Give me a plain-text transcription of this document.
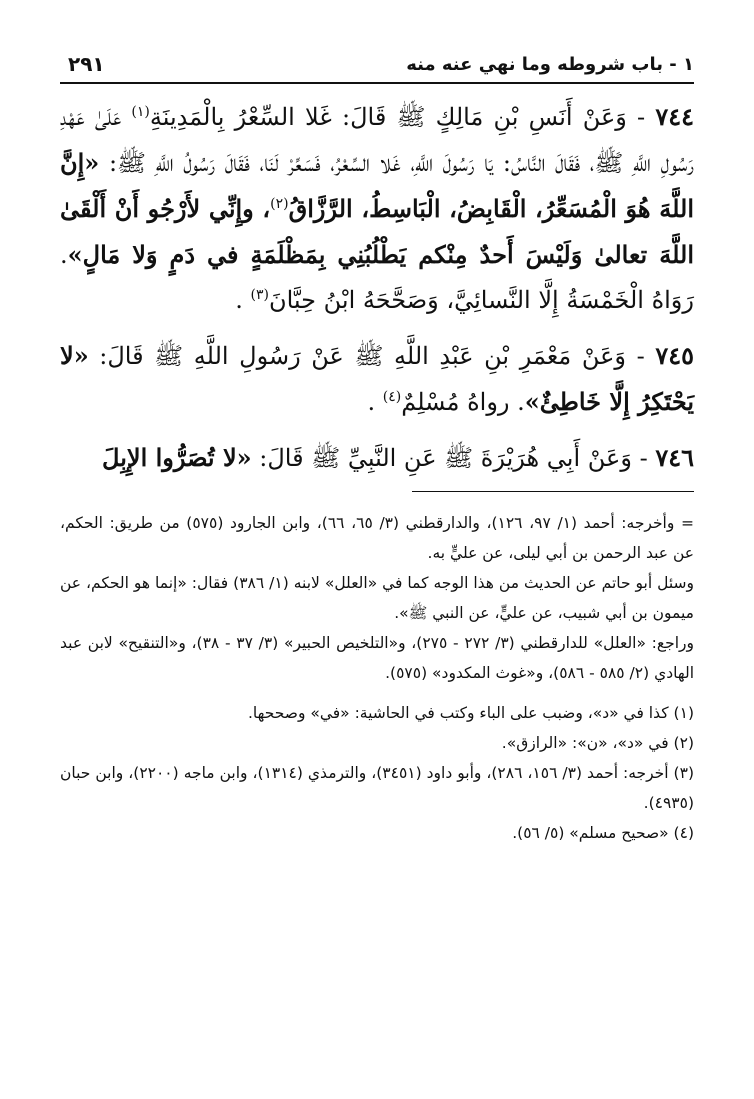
١ - باب شروطه وما نهي عنه منه
٢٩١

٧٤٤ - وَعَنْ أَنَسِ بْنِ مَالِكٍ ﷺ قَالَ: غَلا السِّعْرُ بِالْمَدِينَةِ$^{(١)}$ عَلَىٰ عَهْدِ رَسُولِ اللَّهِ ﷺ، فَقَالَ النَّاسُ: يَا رَسُولَ اللَّهِ، غَلا السِّعْرُ، فَسَعِّرْ لَنَا، فَقَالَ رَسُولُ اللَّهِ ﷺ: «إِنَّ اللَّهَ هُوَ الْمُسَعِّرُ، الْقَابِضُ، الْبَاسِطُ، الرَّزَّاقُ$^{(٢)}$، وإِنِّي لأَرْجُو أَنْ أَلْقَىٰ اللَّهَ تعالىٰ وَلَيْسَ أَحدٌ مِنْكم يَطْلُبُنِي بِمَظْلَمَةٍ في دَمٍ وَلا مَالٍ». رَوَاهُ الْخَمْسَةُ إِلَّا النَّسائِيَّ، وَصَحَّحَهُ ابْنُ حِبَّانَ$^{(٣)}$ .

٧٤٥ - وَعَنْ مَعْمَرِ بْنِ عَبْدِ اللَّهِ ﷺ عَنْ رَسُولِ اللَّهِ ﷺ قَالَ: «لا يَحْتَكِرُ إِلَّا خَاطِئٌ». رواهُ مُسْلِمٌ$^{(٤)}$ .

٧٤٦ - وَعَنْ أَبِي هُرَيْرَةَ ﷺ عَنِ النَّبِيِّ ﷺ قَالَ: «لا تُصَرُّوا الإِبِلَ

= وأخرجه: أحمد (١/ ٩٧، ١٢٦)، والدارقطني (٣/ ٦٥، ٦٦)، وابن الجارود (٥٧٥) من طريق: الحكم، عن عبد الرحمن بن أبي ليلى، عن عليٍّ به.

وسئل أبو حاتم عن الحديث من هذا الوجه كما في «العلل» لابنه (١/ ٣٨٦) فقال: «إنما هو الحكم، عن ميمون بن أبي شبيب، عن عليٍّ، عن النبي ﷺ».

وراجع: «العلل» للدارقطني (٣/ ٢٧٢ - ٢٧٥)، و«التلخيص الحبير» (٣/ ٣٧ - ٣٨)، و«التنقيح» لابن عبد الهادي (٢/ ٥٨٥ - ٥٨٦)، و«غوث المكدود» (٥٧٥).

(١) كذا في «د»، وضبب على الباء وكتب في الحاشية: «في» وصححها.

(٢) في «د»، «ن»: «الرازق».

(٣) أخرجه: أحمد (٣/ ١٥٦، ٢٨٦)، وأبو داود (٣٤٥١)، والترمذي (١٣١٤)، وابن ماجه (٢٢٠٠)، وابن حبان (٤٩٣٥).

(٤) «صحيح مسلم» (٥/ ٥٦).
